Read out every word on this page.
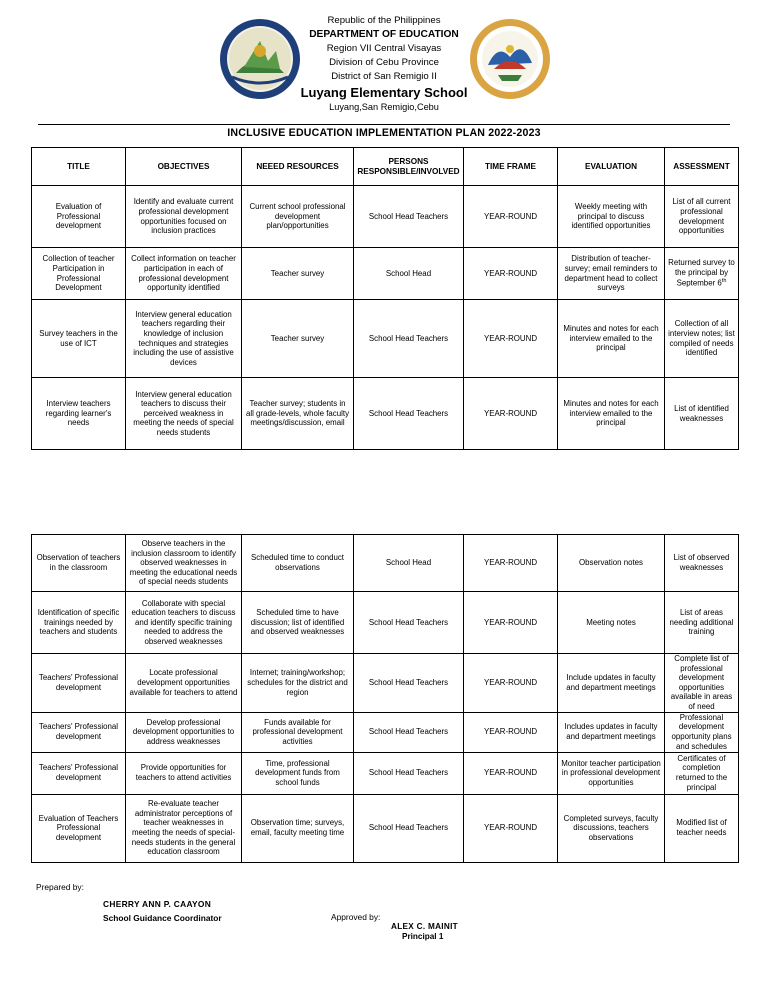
Republic of the Philippines
DEPARTMENT OF EDUCATION
Region VII Central Visayas
Division of Cebu Province
District of San Remigio II
Luyang Elementary School
Luyang,San Remigio,Cebu
INCLUSIVE EDUCATION IMPLEMENTATION PLAN 2022-2023
TITLE	OBJECTIVES	NEEED RESOURCES	PERSONS RESPONSIBLE/INVOLVED	TIME FRAME	EVALUATION	ASSESSMENT
Evaluation of Professional development	Identify and evaluate current professional development opportunities focused on inclusion practices	Current school professional development plan/opportunities	School Head Teachers	YEAR-ROUND	Weekly meeting with principal to discuss identified opportunities	List of all current professional development opportunities
Collection of teacher Participation in Professional Development	Collect information on teacher participation in each of professional development opportunity identified	Teacher survey	School Head	YEAR-ROUND	Distribution of teacher-survey; email reminders to department head to collect surveys	Returned survey to the principal by September 6th
Survey teachers in the use of ICT	Interview general education teachers regarding their knowledge of inclusion techniques and strategies including the use of assistive devices	Teacher survey	School Head Teachers	YEAR-ROUND	Minutes and notes for each interview emailed to the principal	Collection of all interview notes; list compiled of needs identified
Interview teachers regarding learner's needs	Interview general education teachers to discuss their perceived weakness in meeting the needs of special needs students	Teacher survey; students in all grade-levels, whole faculty meetings/discussion, email	School Head Teachers	YEAR-ROUND	Minutes and notes for each interview emailed to the principal	List of identified weaknesses
Observation of teachers in the classroom	Observe teachers in the inclusion classroom to identify observed weaknesses in meeting the educational needs of special needs students	Scheduled time to conduct observations	School Head	YEAR-ROUND	Observation notes	List of observed weaknesses
Identification of specific trainings needed by teachers and students	Collaborate with special education teachers to discuss and identify specific training needed to address the observed weaknesses	Scheduled time to have discussion; list of identified and observed weaknesses	School Head Teachers	YEAR-ROUND	Meeting notes	List of areas needing additional training
Teachers' Professional development	Locate professional development opportunities available for teachers to attend	Internet; training/workshop; schedules for the district and region	School Head Teachers	YEAR-ROUND	Include updates in faculty and department meetings	Complete list of professional development opportunities available in areas of need
Teachers' Professional development	Develop professional development opportunities to address weaknesses	Funds available for professional development activities	School Head Teachers	YEAR-ROUND	Includes updates in faculty and department meetings	Professional development opportunity plans and schedules
Teachers' Professional development	Provide opportunities for teachers to attend activities	Time, professional development funds from school funds	School Head Teachers	YEAR-ROUND	Monitor teacher participation in professional development opportunities	Certificates of completion returned to the principal
Evaluation of Teachers Professional development	Re-evaluate teacher administrator perceptions of teacher weaknesses in meeting the needs of special-needs students in the general education classroom	Observation time; surveys, email, faculty meeting time	School Head Teachers	YEAR-ROUND	Completed surveys, faculty discussions, teachers observations	Modified list of teacher needs
Prepared by:
CHERRY ANN P. CAAYON
School Guidance Coordinator	Approved by:
ALEX C. MAINIT
Principal 1
